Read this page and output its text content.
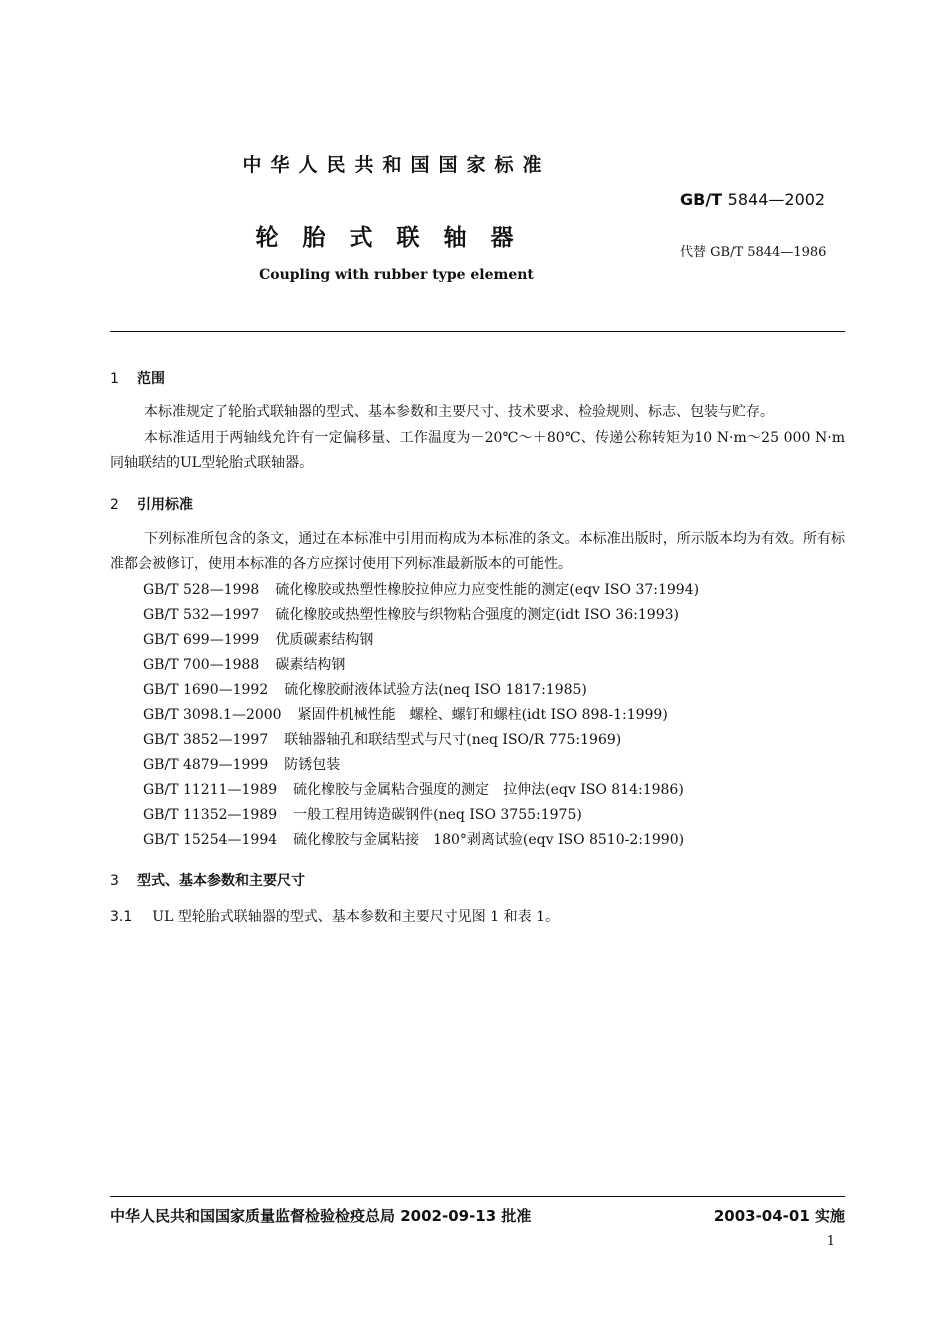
中华人民共和国国家标准
GB/T 5844—2002
轮胎式联轴器
代替 GB/T 5844—1986
Coupling with rubber type element
1 范围
本标准规定了轮胎式联轴器的型式、基本参数和主要尺寸、技术要求、检验规则、标志、包装与贮存。
本标准适用于两轴线允许有一定偏移量、工作温度为－20℃～＋80℃、传递公称转矩为10 N·m～25 000 N·m同轴联结的UL型轮胎式联轴器。
2 引用标准
下列标准所包含的条文，通过在本标准中引用而构成为本标准的条文。本标准出版时，所示版本均为有效。所有标准都会被修订，使用本标准的各方应探讨使用下列标准最新版本的可能性。
GB/T 528—1998 硫化橡胶或热塑性橡胶拉伸应力应变性能的测定(eqv ISO 37:1994)
GB/T 532—1997 硫化橡胶或热塑性橡胶与织物粘合强度的测定(idt ISO 36:1993)
GB/T 699—1999 优质碳素结构钢
GB/T 700—1988 碳素结构钢
GB/T 1690—1992 硫化橡胶耐液体试验方法(neq ISO 1817:1985)
GB/T 3098.1—2000 紧固件机械性能　螺栓、螺钉和螺柱(idt ISO 898-1:1999)
GB/T 3852—1997 联轴器轴孔和联结型式与尺寸(neq ISO/R 775:1969)
GB/T 4879—1999 防锈包装
GB/T 11211—1989 硫化橡胶与金属粘合强度的测定　拉伸法(eqv ISO 814:1986)
GB/T 11352—1989 一般工程用铸造碳钢件(neq ISO 3755:1975)
GB/T 15254—1994 硫化橡胶与金属粘接　180°剥离试验(eqv ISO 8510-2:1990)
3 型式、基本参数和主要尺寸
3.1 UL 型轮胎式联轴器的型式、基本参数和主要尺寸见图 1 和表 1。
中华人民共和国国家质量监督检验检疫总局 2002-09-13 批准	2003-04-01 实施
1
